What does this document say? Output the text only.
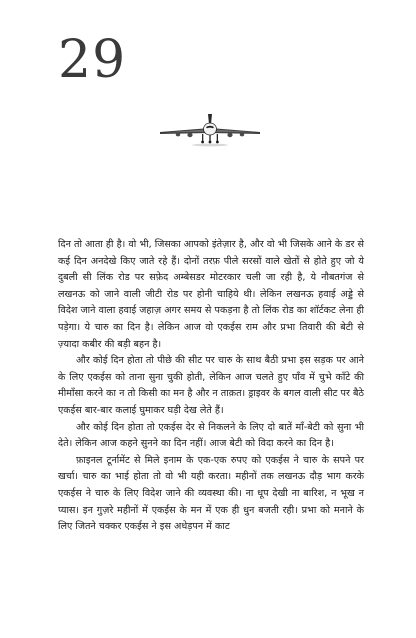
29

दिन तो आता ही है। वो भी, जिसका आपको इंतेज़ार है, और वो भी जिसके आने के डर से कई दिन अनदेखे किए जाते रहे हैं। दोनों तरफ़ पीले सरसों वाले खेतों से होते हुए जो ये दुबली सी लिंक रोड पर सफ़ेद अम्बेसडर मोटरकार चली जा रही है, ये नौबतगंज से लखनऊ को जाने वाली जीटी रोड पर होनी चाहिये थी। लेकिन लखनऊ हवाई अड्डे से विदेश जाने वाला हवाई जहाज़ अगर समय से पकड़ना है तो लिंक रोड का शॉर्टकट लेना ही पड़ेगा। ये चारु का दिन है। लेकिन आज वो एकईस राम और प्रभा तिवारी की बेटी से ज़्यादा कबीर की बड़ी बहन है।

और कोई दिन होता तो पीछे की सीट पर चारु के साथ बैठी प्रभा इस सड़क पर आने के लिए एकईस को ताना सुना चुकी होती, लेकिन आज चलते हुए पाँव में चुभे काँटे की मीमाँसा करने का न तो किसी का मन है और न ताक़त। ड्राइवर के बगल वाली सीट पर बैठे एकईस बार-बार कलाई घुमाकर घड़ी देख लेते हैं।

और कोई दिन होता तो एकईस देर से निकलने के लिए दो बातें माँ-बेटी को सुना भी देते। लेकिन आज कहने सुनने का दिन नहीं। आज बेटी को विदा करने का दिन है।

फ़ाइनल टूर्नामेंट से मिले इनाम के एक-एक रुपए को एकईस ने चारु के सपने पर खर्चा। चारु का भाई होता तो वो भी यही करता। महीनों तक लखनऊ दौड़ भाग करके एकईस ने चारु के लिए विदेश जाने की व्यवस्था की। ना धूप देखी ना बारिश, न भूख न प्यास। इन गुज़रे महीनों में एकईस के मन में एक ही धुन बजती रही। प्रभा को मनाने के लिए जितने चक्कर एकईस ने इस अधेड़पन में काट
